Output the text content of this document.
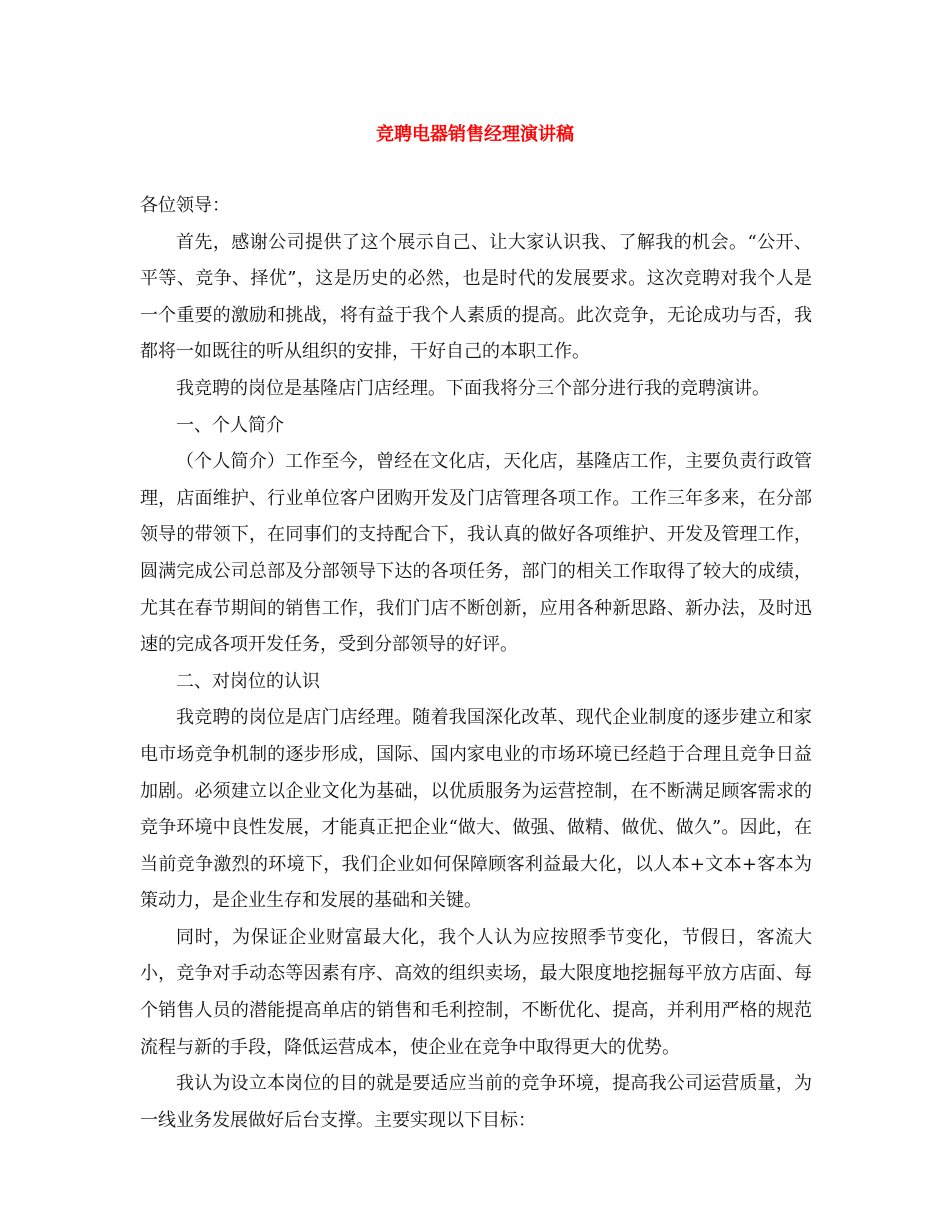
竞聘电器销售经理演讲稿

各位领导：

首先，感谢公司提供了这个展示自己、让大家认识我、了解我的机会。“公开、平等、竞争、择优”，这是历史的必然，也是时代的发展要求。这次竞聘对我个人是一个重要的激励和挑战，将有益于我个人素质的提高。此次竞争，无论成功与否，我都将一如既往的听从组织的安排，干好自己的本职工作。

我竞聘的岗位是基隆店门店经理。下面我将分三个部分进行我的竞聘演讲。

一、个人简介

（个人简介）工作至今，曾经在文化店，天化店，基隆店工作，主要负责行政管理，店面维护、行业单位客户团购开发及门店管理各项工作。工作三年多来，在分部领导的带领下，在同事们的支持配合下，我认真的做好各项维护、开发及管理工作，圆满完成公司总部及分部领导下达的各项任务，部门的相关工作取得了较大的成绩，尤其在春节期间的销售工作，我们门店不断创新，应用各种新思路、新办法，及时迅速的完成各项开发任务，受到分部领导的好评。

二、对岗位的认识

我竞聘的岗位是店门店经理。随着我国深化改革、现代企业制度的逐步建立和家电市场竞争机制的逐步形成，国际、国内家电业的市场环境已经趋于合理且竞争日益加剧。必须建立以企业文化为基础，以优质服务为运营控制，在不断满足顾客需求的竞争环境中良性发展，才能真正把企业“做大、做强、做精、做优、做久”。因此，在当前竞争激烈的环境下，我们企业如何保障顾客利益最大化，以人本+文本+客本为策动力，是企业生存和发展的基础和关键。

同时，为保证企业财富最大化，我个人认为应按照季节变化，节假日，客流大小，竞争对手动态等因素有序、高效的组织卖场，最大限度地挖掘每平放方店面、每个销售人员的潜能提高单店的销售和毛利控制，不断优化、提高，并利用严格的规范流程与新的手段，降低运营成本，使企业在竞争中取得更大的优势。

我认为设立本岗位的目的就是要适应当前的竞争环境，提高我公司运营质量，为一线业务发展做好后台支撑。主要实现以下目标：
